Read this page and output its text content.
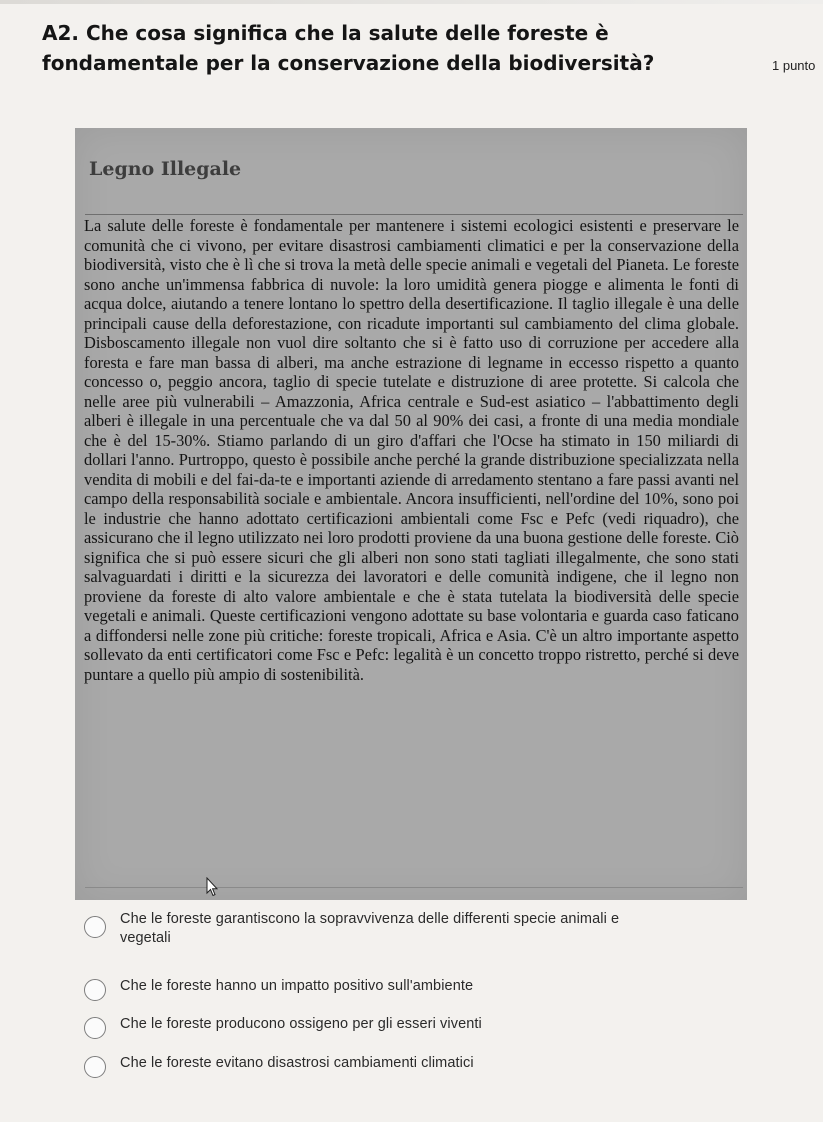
A2. Che cosa significa che la salute delle foreste è fondamentale per la conservazione della biodiversità?	1 punto
Legno Illegale

La salute delle foreste è fondamentale per mantenere i sistemi ecologici esistenti e preservare le comunità che ci vivono, per evitare disastrosi cambiamenti climatici e per la conservazione della biodiversità, visto che è lì che si trova la metà delle specie animali e vegetali del Pianeta. Le foreste sono anche un'immensa fabbrica di nuvole: la loro umidità genera piogge e alimenta le fonti di acqua dolce, aiutando a tenere lontano lo spettro della desertificazione. Il taglio illegale è una delle principali cause della deforestazione, con ricadute importanti sul cambiamento del clima globale. Disboscamento illegale non vuol dire soltanto che si è fatto uso di corruzione per accedere alla foresta e fare man bassa di alberi, ma anche estrazione di legname in eccesso rispetto a quanto concesso o, peggio ancora, taglio di specie tutelate e distruzione di aree protette. Si calcola che nelle aree più vulnerabili – Amazzonia, Africa centrale e Sud-est asiatico – l'abbattimento degli alberi è illegale in una percentuale che va dal 50 al 90% dei casi, a fronte di una media mondiale che è del 15-30%. Stiamo parlando di un giro d'affari che l'Ocse ha stimato in 150 miliardi di dollari l'anno. Purtroppo, questo è possibile anche perché la grande distribuzione specializzata nella vendita di mobili e del fai-da-te e importanti aziende di arredamento stentano a fare passi avanti nel campo della responsabilità sociale e ambientale. Ancora insufficienti, nell'ordine del 10%, sono poi le industrie che hanno adottato certificazioni ambientali come Fsc e Pefc (vedi riquadro), che assicurano che il legno utilizzato nei loro prodotti proviene da una buona gestione delle foreste. Ciò significa che si può essere sicuri che gli alberi non sono stati tagliati illegalmente, che sono stati salvaguardati i diritti e la sicurezza dei lavoratori e delle comunità indigene, che il legno non proviene da foreste di alto valore ambientale e che è stata tutelata la biodiversità delle specie vegetali e animali. Queste certificazioni vengono adottate su base volontaria e guarda caso faticano a diffondersi nelle zone più critiche: foreste tropicali, Africa e Asia. C'è un altro importante aspetto sollevato da enti certificatori come Fsc e Pefc: legalità è un concetto troppo ristretto, perché si deve puntare a quello più ampio di sostenibilità.

Che le foreste garantiscono la sopravvivenza delle differenti specie animali e vegetali
Che le foreste hanno un impatto positivo sull'ambiente
Che le foreste producono ossigeno per gli esseri viventi
Che le foreste evitano disastrosi cambiamenti climatici
